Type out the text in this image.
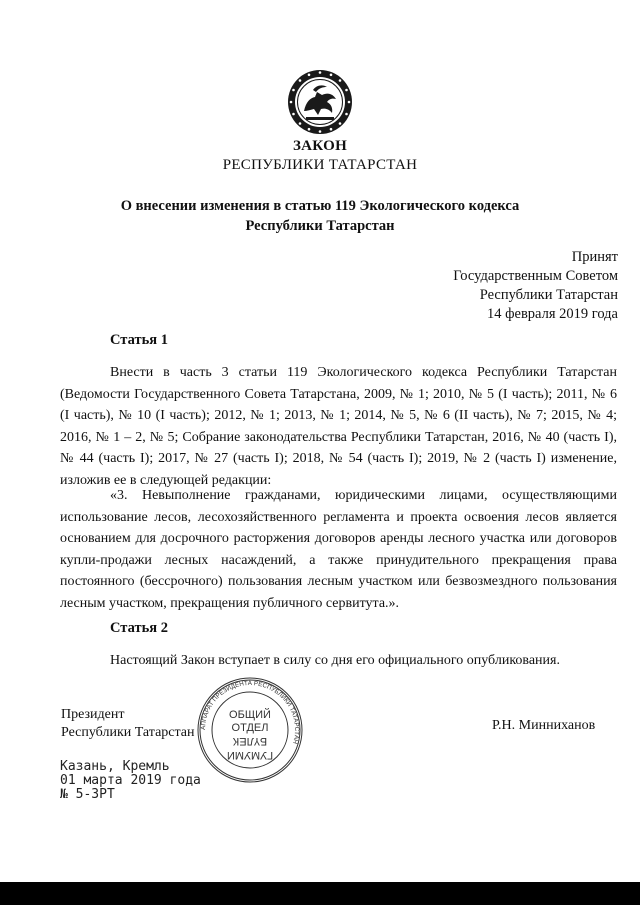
ЗАКОН
РЕСПУБЛИКИ ТАТАРСТАН
О внесении изменения в статью 119 Экологического кодекса
Республики Татарстан
Принят
Государственным Советом
Республики Татарстан
14 февраля 2019 года
Статья 1
Внести в часть 3 статьи 119 Экологического кодекса Республики Татарстан (Ведомости Государственного Совета Татарстана, 2009, № 1; 2010, № 5 (I часть); 2011, № 6 (I часть), № 10 (I часть); 2012, № 1; 2013, № 1; 2014, № 5, № 6 (II часть), № 7; 2015, № 4; 2016, № 1 – 2, № 5; Собрание законодательства Республики Татарстан, 2016, № 40 (часть I), № 44 (часть I); 2017, № 27 (часть I); 2018, № 54 (часть I); 2019, № 2 (часть I) изменение, изложив ее в следующей редакции:
«3. Невыполнение гражданами, юридическими лицами, осуществляющими использование лесов, лесохозяйственного регламента и проекта освоения лесов является основанием для досрочного расторжения договоров аренды лесного участка или договоров купли-продажи лесных насаждений, а также принудительного прекращения права постоянного (бессрочного) пользования лесным участком или безвозмездного пользования лесным участком, прекращения публичного сервитута.».
Статья 2
Настоящий Закон вступает в силу со дня его официального опубликования.
Президент
Республики Татарстан	Р.Н. Минниханов
Казань, Кремль
01 марта 2019 года
№ 5-ЗРТ
АППАРАТ ПРЕЗИДЕНТА РЕСПУБЛИКИ ТАТАРСТАН
ОБЩИЙ
ОТДЕЛ
БҮЛЕК
ГУМУМИ
